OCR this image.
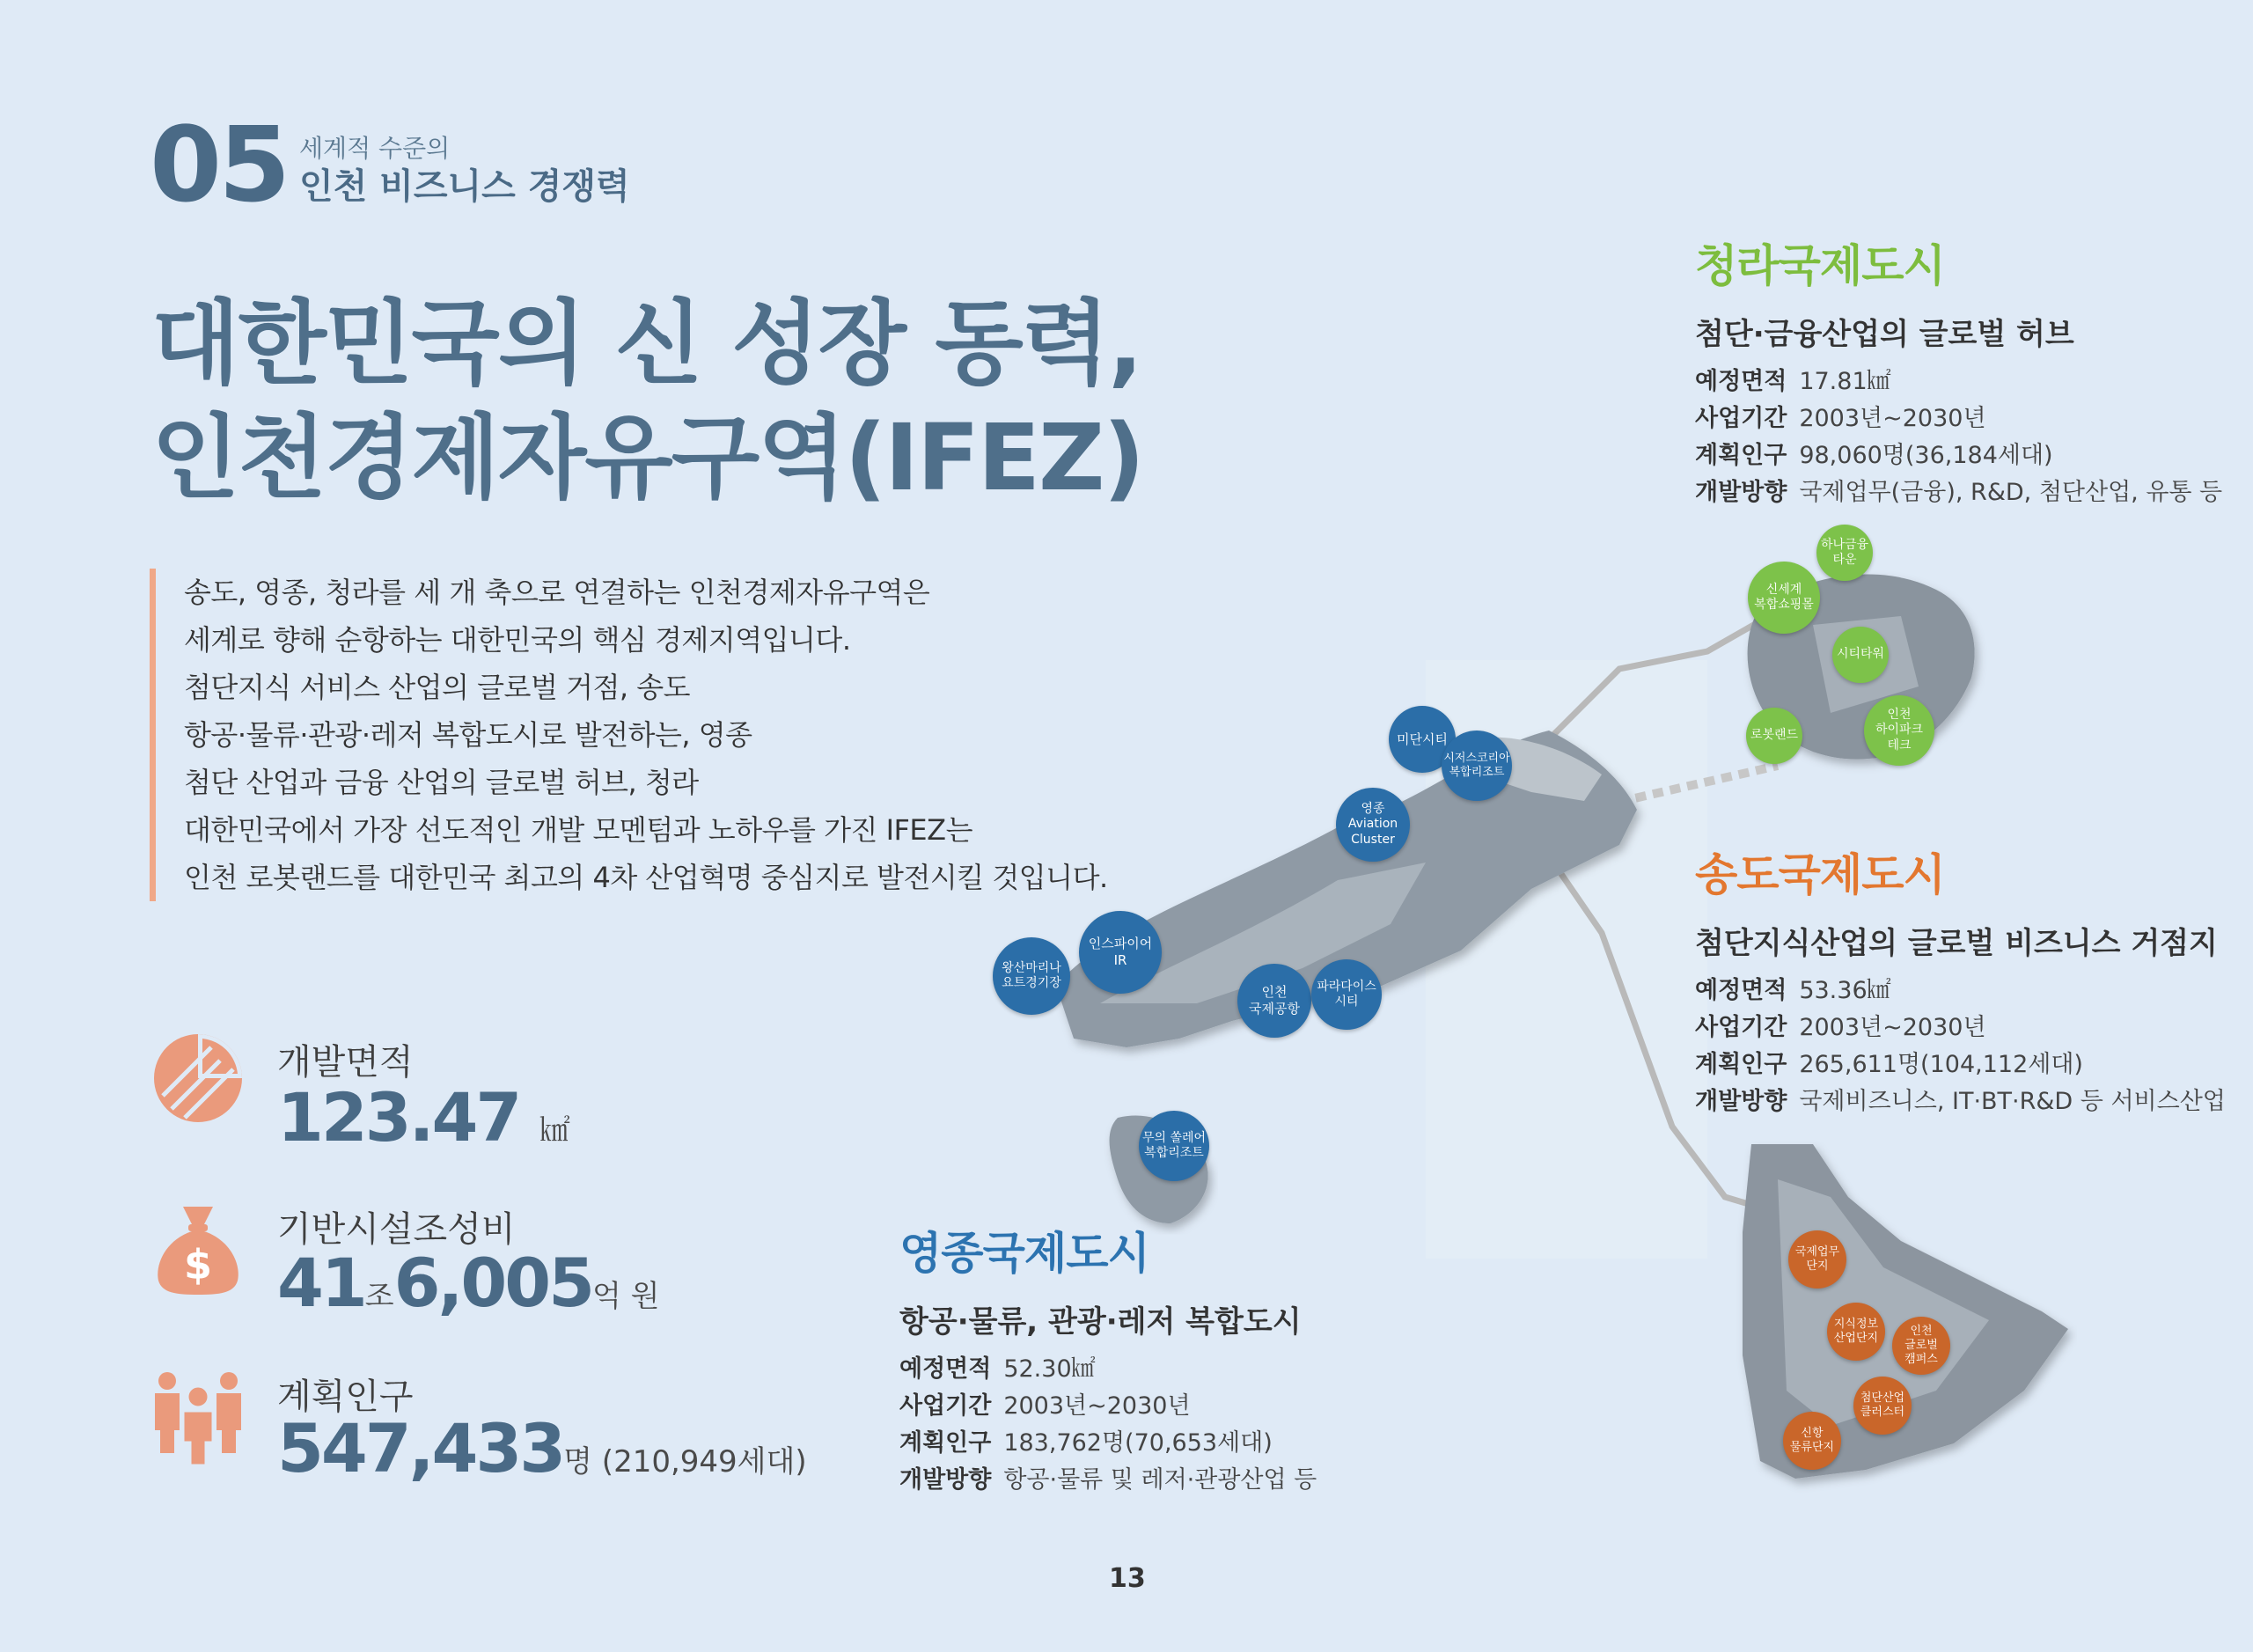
05 세계적 수준의
인천 비즈니스 경쟁력
대한민국의 신 성장 동력,
인천경제자유구역(IFEZ)
송도, 영종, 청라를 세 개 축으로 연결하는 인천경제자유구역은
세계로 향해 순항하는 대한민국의 핵심 경제지역입니다.
첨단지식 서비스 산업의 글로벌 거점, 송도
항공·물류·관광·레저 복합도시로 발전하는, 영종
첨단 산업과 금융 산업의 글로벌 허브, 청라
대한민국에서 가장 선도적인 개발 모멘텀과 노하우를 가진 IFEZ는
인천 로봇랜드를 대한민국 최고의 4차 산업혁명 중심지로 발전시킬 것입니다.
개발면적
123.47 ㎢
$
기반시설조성비
41조6,005억 원
계획인구
547,433명 (210,949세대)
미단시티
시저스코리아
복합리조트
영종
Aviation
Cluster
인스파이어
IR
왕산마리나
요트경기장
인천
국제공항
파라다이스
시티
무의 쏠레어
복합리조트
하나금융
타운
신세계
복합쇼핑몰
시티타워
로봇랜드
인천
하이파크
테크
국제업무
단지
지식정보
산업단지
인천
글로벌
캠퍼스
첨단산업
클러스터
신항
물류단지
청라국제도시
첨단·금융산업의 글로벌 허브
예정면적 17.81㎢
사업기간 2003년~2030년
계획인구 98,060명(36,184세대)
개발방향 국제업무(금융), R&D, 첨단산업, 유통 등
송도국제도시
첨단지식산업의 글로벌 비즈니스 거점지
예정면적 53.36㎢
사업기간 2003년~2030년
계획인구 265,611명(104,112세대)
개발방향 국제비즈니스, IT·BT·R&D 등 서비스산업
영종국제도시
항공·물류, 관광·레저 복합도시
예정면적 52.30㎢
사업기간 2003년~2030년
계획인구 183,762명(70,653세대)
개발방향 항공·물류 및 레저·관광산업 등
13
